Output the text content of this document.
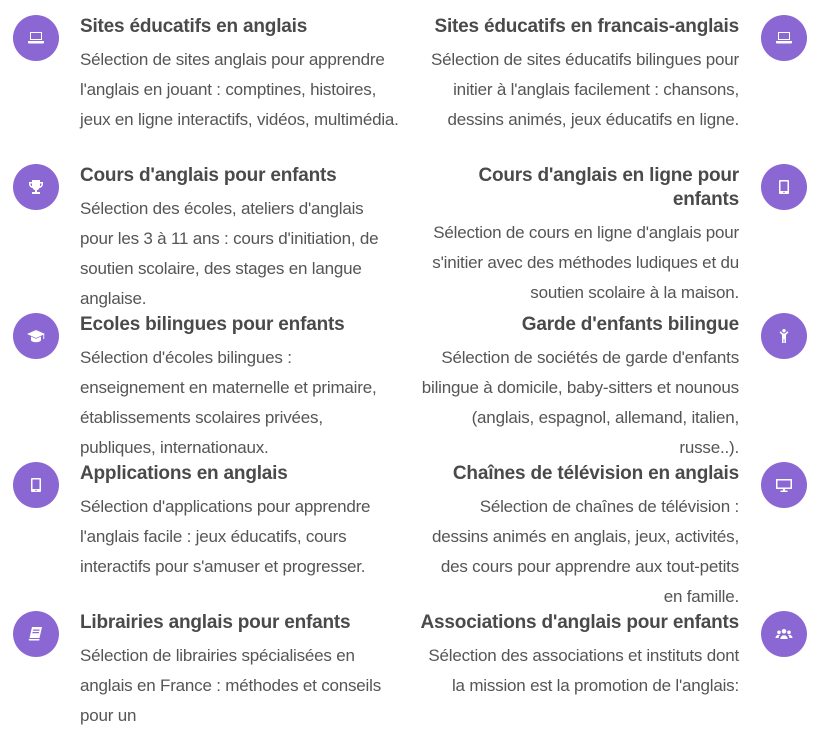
Sites éducatifs en anglais

Sélection de sites anglais pour apprendre l'anglais en jouant : comptines, histoires, jeux en ligne interactifs, vidéos, multimédia.

Sites éducatifs en francais-anglais

Sélection de sites éducatifs bilingues pour initier à l'anglais facilement : chansons, dessins animés, jeux éducatifs en ligne.

Cours d'anglais pour enfants

Sélection des écoles, ateliers d'anglais pour les 3 à 11 ans : cours d'initiation, de soutien scolaire, des stages en langue anglaise.

Cours d'anglais en ligne pour enfants

Sélection de cours en ligne d'anglais pour s'initier avec des méthodes ludiques et du soutien scolaire à la maison.

Ecoles bilingues pour enfants

Sélection d'écoles bilingues : enseignement en maternelle et primaire, établissements scolaires privées, publiques, internationaux.

Garde d'enfants bilingue

Sélection de sociétés de garde d'enfants bilingue à domicile, baby-sitters et nounous (anglais, espagnol, allemand, italien, russe..).

Applications en anglais

Sélection d'applications pour apprendre l'anglais facile : jeux éducatifs, cours interactifs pour s'amuser et progresser.

Chaînes de télévision en anglais

Sélection de chaînes de télévision : dessins animés en anglais, jeux, activités, des cours pour apprendre aux tout-petits en famille.

Librairies anglais pour enfants

Sélection de librairies spécialisées en anglais en France : méthodes et conseils pour un

Associations d'anglais pour enfants

Sélection des associations et instituts dont la mission est la promotion de l'anglais:
